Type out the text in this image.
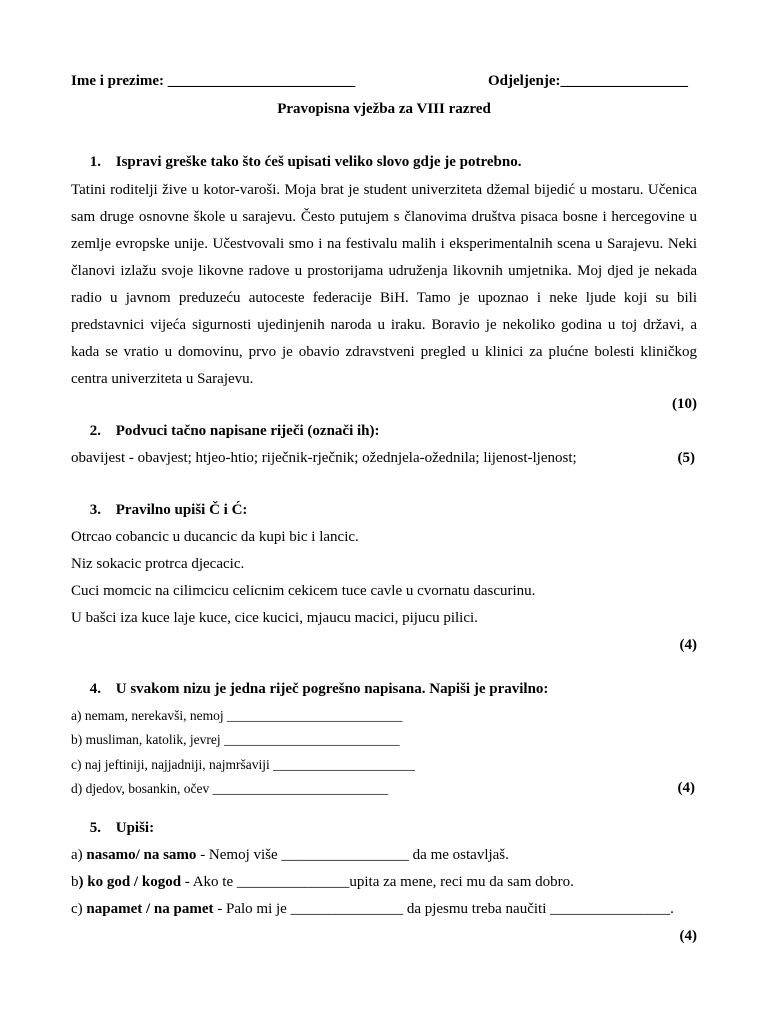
Ime i prezime: _________________________	Odjeljenje:_________________
Pravopisna vježba za VIII razred
1. Ispravi greške tako što ćeš upisati veliko slovo gdje je potrebno.
Tatini roditelji žive u kotor-varoši. Moja brat je student univerziteta džemal bijedić u mostaru. Učenica
sam druge osnovne škole u sarajevu. Često putujem s članovima društva pisaca bosne i hercegovine u
zemlje evropske unije. Učestvovali smo i na festivalu malih i eksperimentalnih scena u Sarajevu. Neki
članovi izlažu svoje likovne radove u prostorijama udruženja likovnih umjetnika. Moj djed je nekada
radio u javnom preduzeću autoceste federacije BiH. Tamo je upoznao i neke ljude koji su bili
predstavnici vijeća sigurnosti ujedinjenih naroda u iraku. Boravio je nekoliko godina u toj državi, a
kada se vratio u domovinu, prvo je obavio zdravstveni pregled u klinici za plućne bolesti kliničkog
centra univerziteta u Sarajevu.
(10)
2. Podvuci tačno napisane riječi (označi ih):
obavijest - obavjest; htjeo-htio; riječnik-rječnik; ožednjela-ožednila; lijenost-ljenost;	(5)
3. Pravilno upiši Č i Ć:
Otrcao cobancic u ducancic da kupi bic i lancic.
Niz sokacic protrca djecacic.
Cuci momcic na cilimcicu celicnim cekicem tuce cavle u cvornatu dascurinu.
U bašci iza kuce laje kuce, cice kucici, mjaucu macici, pijucu pilici.
(4)
4. U svakom nizu je jedna riječ pogrešno napisana. Napiši je pravilno:
a) nemam, nerekavši, nemoj __________________________
b) musliman, katolik, jevrej __________________________
c) naj jeftiniji, najjadniji, najmršaviji _____________________
d) djedov, bosankin, očev __________________________	(4)
5. Upiši:
a) nasamo/ na samo - Nemoj više _________________ da me ostavljaš.
b) ko god / kogod - Ako te _______________upita za mene, reci mu da sam dobro.
c) napamet / na pamet - Palo mi je _______________ da pjesmu treba naučiti ________________.
(4)
